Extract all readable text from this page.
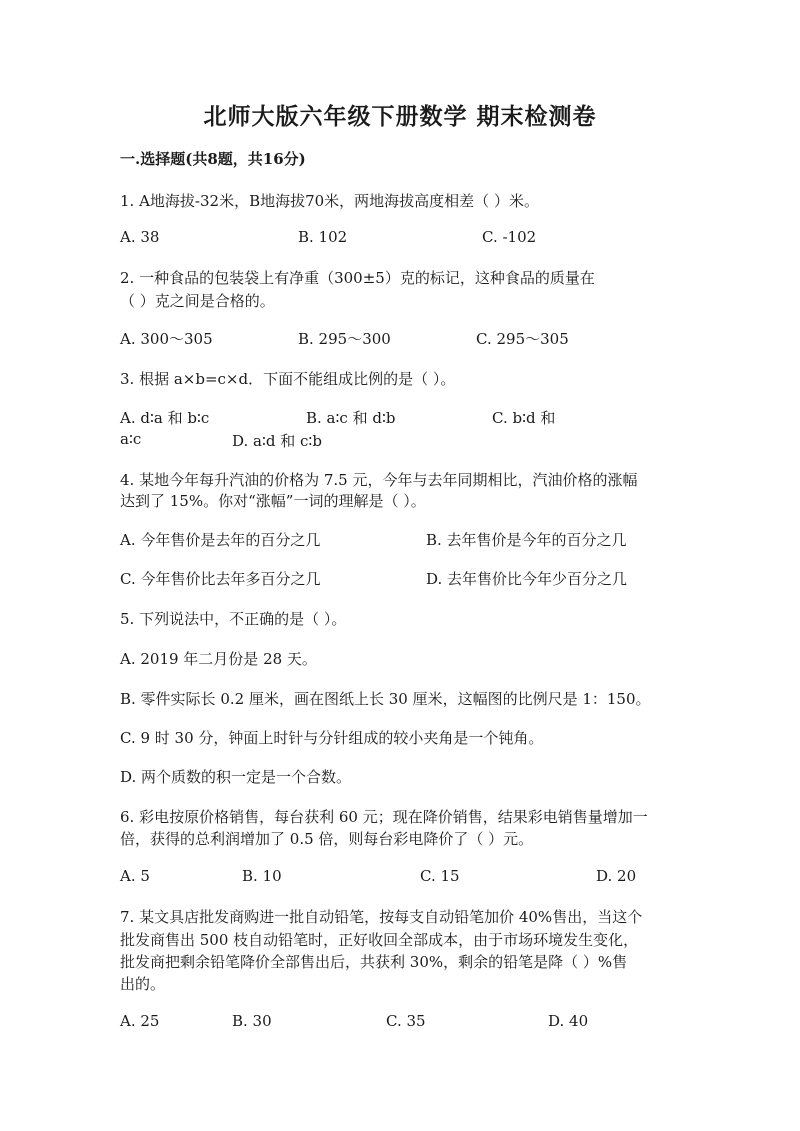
北师大版六年级下册数学 期末检测卷
一.选择题(共8题，共16分)
1. A地海拔-32米，B地海拔70米，两地海拔高度相差（ ）米。
A. 38	B. 102	C. -102
2. 一种食品的包装袋上有净重（300±5）克的标记，这种食品的质量在
（ ）克之间是合格的。
A. 300～305	B. 295～300	C. 295～305
3. 根据 a×b=c×d．下面不能组成比例的是（ ）。
A. d∶a 和 b∶c	B. a∶c 和 d∶b	C. b∶d 和
a∶c	D. a∶d 和 c∶b
4. 某地今年每升汽油的价格为 7.5 元，今年与去年同期相比，汽油价格的涨幅
达到了 15%。你对“涨幅”一词的理解是（ ）。
A. 今年售价是去年的百分之几	B. 去年售价是今年的百分之几
C. 今年售价比去年多百分之几	D. 去年售价比今年少百分之几
5. 下列说法中，不正确的是（ ）。
A. 2019 年二月份是 28 天。
B. 零件实际长 0.2 厘米，画在图纸上长 30 厘米，这幅图的比例尺是 1：150。
C. 9 时 30 分，钟面上时针与分针组成的较小夹角是一个钝角。
D. 两个质数的积一定是一个合数。
6. 彩电按原价格销售，每台获利 60 元；现在降价销售，结果彩电销售量增加一
倍，获得的总利润增加了 0.5 倍，则每台彩电降价了（ ）元。
A. 5	B. 10	C. 15	D. 20
7. 某文具店批发商购进一批自动铅笔，按每支自动铅笔加价 40%售出，当这个
批发商售出 500 枝自动铅笔时，正好收回全部成本，由于市场环境发生变化，
批发商把剩余铅笔降价全部售出后，共获利 30%，剩余的铅笔是降（ ）%售
出的。
A. 25	B. 30	C. 35	D. 40
